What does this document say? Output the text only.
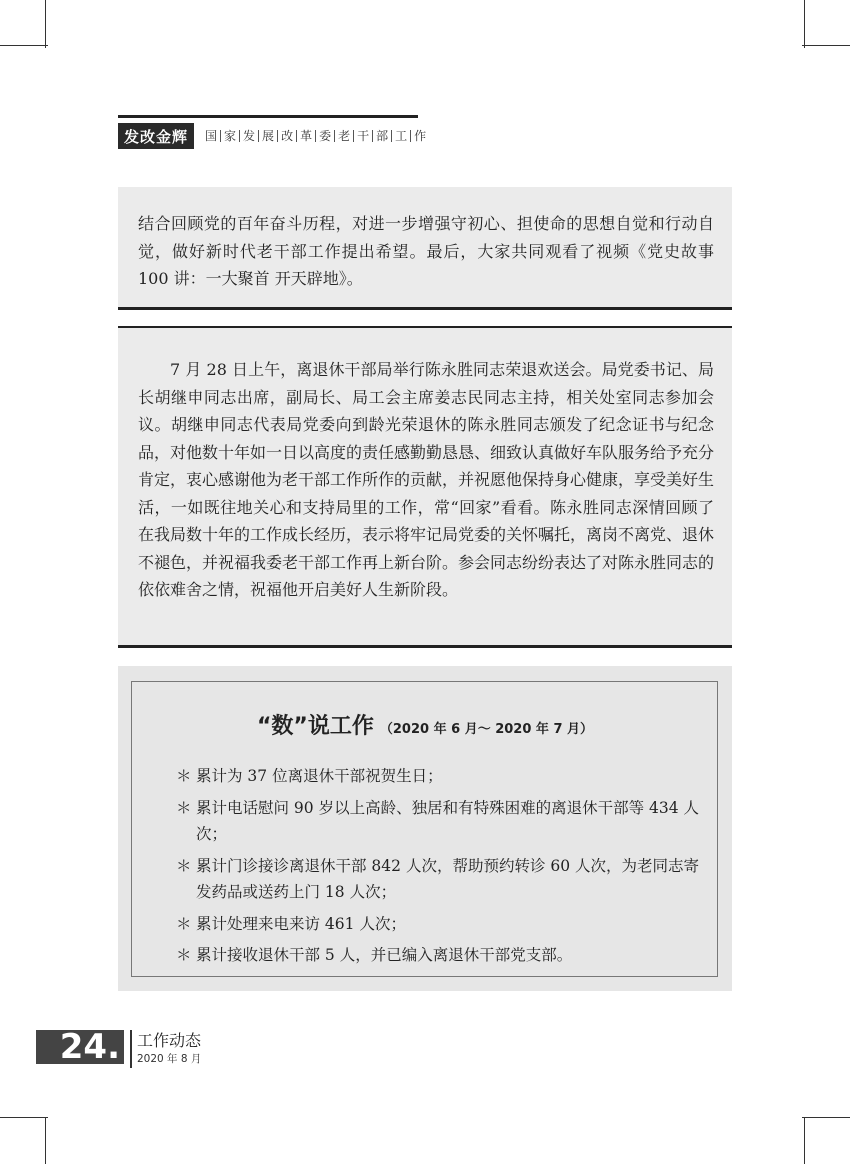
发改金辉	国 家 发 展 改 革 委 老 干 部 工 作

结合回顾党的百年奋斗历程，对进一步增强守初心、担使命的思想自觉和行动自觉，做好新时代老干部工作提出希望。最后，大家共同观看了视频《党史故事 100 讲：一大聚首 开天辟地》。

7 月 28 日上午，离退休干部局举行陈永胜同志荣退欢送会。局党委书记、局长胡继申同志出席，副局长、局工会主席姜志民同志主持，相关处室同志参加会议。胡继申同志代表局党委向到龄光荣退休的陈永胜同志颁发了纪念证书与纪念品，对他数十年如一日以高度的责任感勤勤恳恳、细致认真做好车队服务给予充分肯定，衷心感谢他为老干部工作所作的贡献，并祝愿他保持身心健康，享受美好生活，一如既往地关心和支持局里的工作，常“回家”看看。陈永胜同志深情回顾了在我局数十年的工作成长经历，表示将牢记局党委的关怀嘱托，离岗不离党、退休不褪色，并祝福我委老干部工作再上新台阶。参会同志纷纷表达了对陈永胜同志的依依难舍之情，祝福他开启美好人生新阶段。

“数”说工作 （2020 年 6 月～ 2020 年 7 月）
＊ 累计为 37 位离退休干部祝贺生日；
＊ 累计电话慰问 90 岁以上高龄、独居和有特殊困难的离退休干部等 434 人次；
＊ 累计门诊接诊离退休干部 842 人次，帮助预约转诊 60 人次，为老同志寄发药品或送药上门 18 人次；
＊ 累计处理来电来访 461 人次；
＊ 累计接收退休干部 5 人，并已编入离退休干部党支部。
24. 工作动态
2020 年 8 月
